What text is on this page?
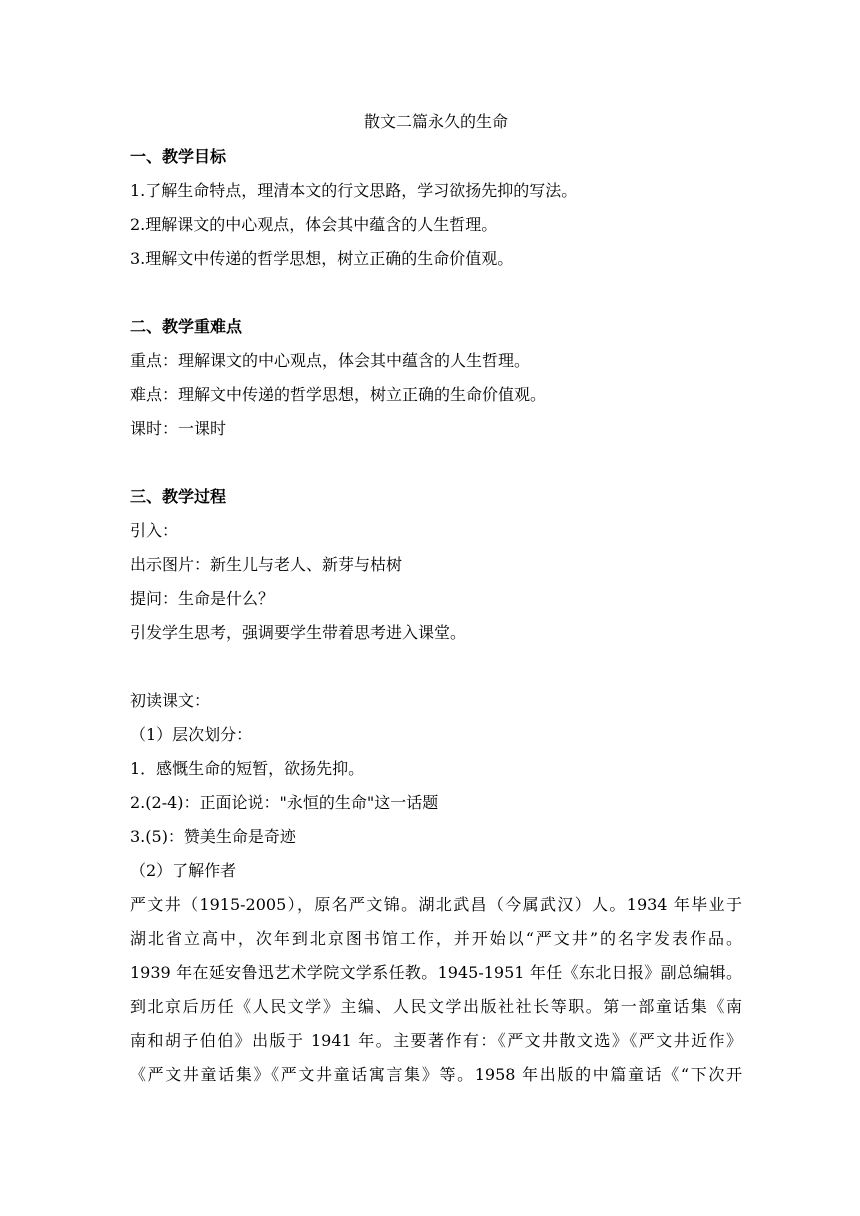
散文二篇永久的生命
一、教学目标
1.了解生命特点，理清本文的行文思路，学习欲扬先抑的写法。
2.理解课文的中心观点，体会其中蕴含的人生哲理。
3.理解文中传递的哲学思想，树立正确的生命价值观。
二、教学重难点
重点：理解课文的中心观点，体会其中蕴含的人生哲理。
难点：理解文中传递的哲学思想，树立正确的生命价值观。
课时：一课时
三、教学过程
引入：
出示图片：新生儿与老人、新芽与枯树
提问：生命是什么？
引发学生思考，强调要学生带着思考进入课堂。
初读课文：
（1）层次划分：
1．感慨生命的短暂，欲扬先抑。
2.(2-4)：正面论说："永恒的生命"这一话题
3.(5)：赞美生命是奇迹
（2）了解作者
严文井（1915-2005），原名严文锦。湖北武昌（今属武汉）人。1934 年毕业于
湖北省立高中，次年到北京图书馆工作，并开始以“严文井”的名字发表作品。
1939 年在延安鲁迅艺术学院文学系任教。1945-1951 年任《东北日报》副总编辑。
到北京后历任《人民文学》主编、人民文学出版社社长等职。第一部童话集《南
南和胡子伯伯》出版于 1941 年。主要著作有：《严文井散文选》《严文井近作》
《严文井童话集》《严文井童话寓言集》等。1958 年出版的中篇童话《“下次开
